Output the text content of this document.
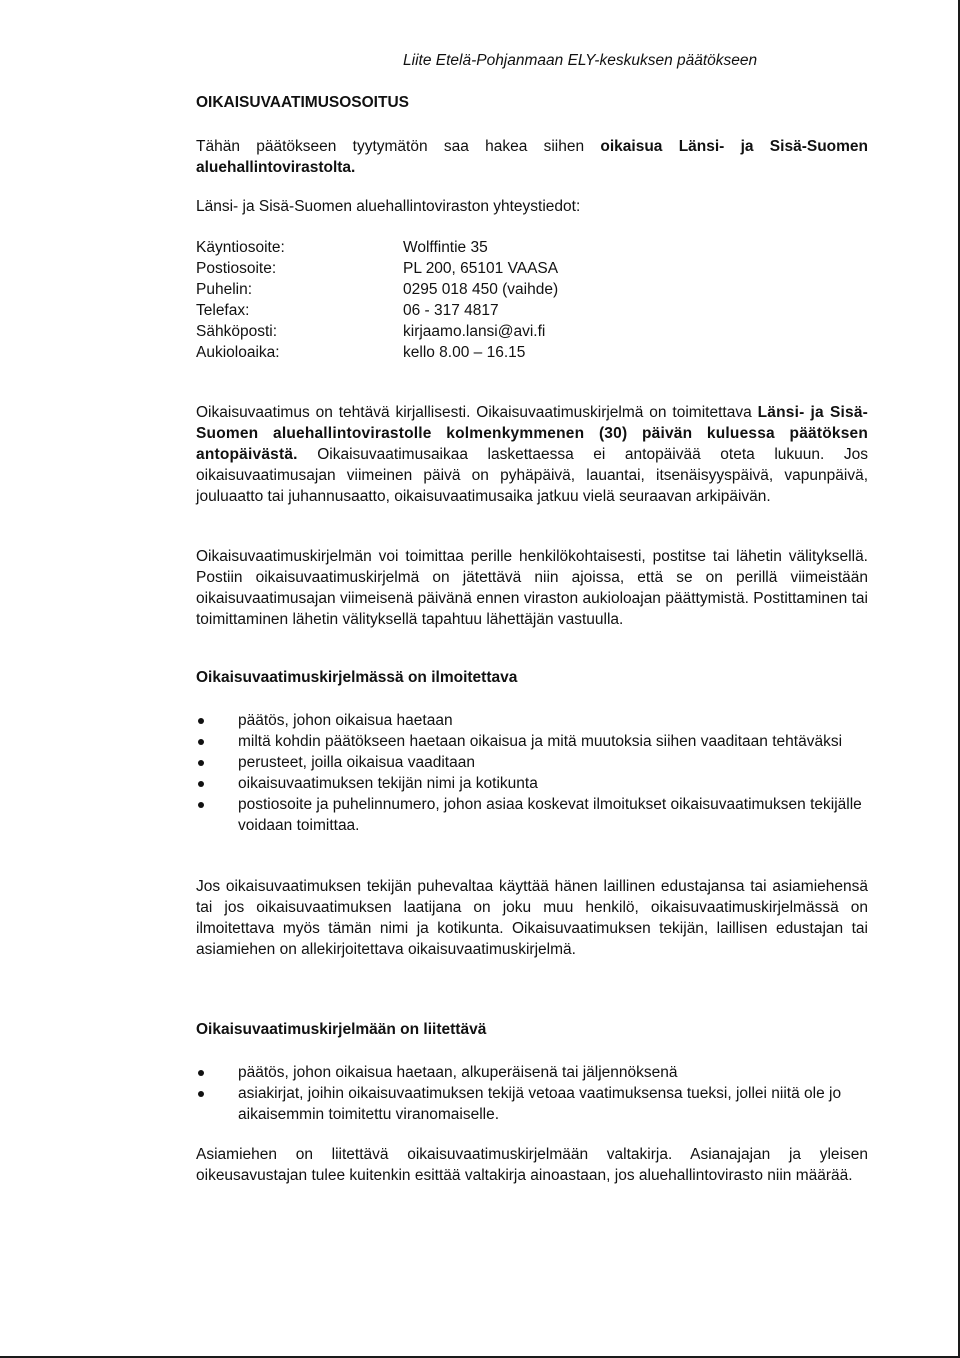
Liite Etelä-Pohjanmaan ELY-keskuksen päätökseen
OIKAISUVAATIMUSOSOITUS

Tähän päätökseen tyytymätön saa hakea siihen oikaisua Länsi- ja Sisä-Suomen aluehallintovirastolta.

Länsi- ja Sisä-Suomen aluehallintoviraston yhteystiedot:

Käyntiosoite:	Wolffintie 35
Postiosoite:	PL 200, 65101 VAASA
Puhelin:	0295 018 450 (vaihde)
Telefax:	06 - 317 4817
Sähköposti:	kirjaamo.lansi@avi.fi
Aukioloaika:	kello 8.00 – 16.15

Oikaisuvaatimus on tehtävä kirjallisesti. Oikaisuvaatimuskirjelmä on toimitettava Länsi- ja Sisä-Suomen aluehallintovirastolle kolmenkymmenen (30) päivän kuluessa päätöksen antopäivästä. Oikaisuvaatimusaikaa laskettaessa ei antopäivää oteta lukuun. Jos oikaisuvaatimusajan viimeinen päivä on pyhäpäivä, lauantai, itsenäisyyspäivä, vapunpäivä, jouluaatto tai juhannusaatto, oikaisuvaatimusaika jatkuu vielä seuraavan arkipäivän.

Oikaisuvaatimuskirjelmän voi toimittaa perille henkilökohtaisesti, postitse tai lähetin välityksellä. Postiin oikaisuvaatimuskirjelmä on jätettävä niin ajoissa, että se on perillä viimeistään oikaisuvaatimusajan viimeisenä päivänä ennen viraston aukioloajan päättymistä. Postittaminen tai toimittaminen lähetin välityksellä tapahtuu lähettäjän vastuulla.

Oikaisuvaatimuskirjelmässä on ilmoitettava
päätös, johon oikaisua haetaan
miltä kohdin päätökseen haetaan oikaisua ja mitä muutoksia siihen vaaditaan tehtäväksi
perusteet, joilla oikaisua vaaditaan
oikaisuvaatimuksen tekijän nimi ja kotikunta
postiosoite ja puhelinnumero, johon asiaa koskevat ilmoitukset oikaisuvaatimuksen tekijälle voidaan toimittaa.

Jos oikaisuvaatimuksen tekijän puhevaltaa käyttää hänen laillinen edustajansa tai asiamiehensä tai jos oikaisuvaatimuksen laatijana on joku muu henkilö, oikaisuvaatimuskirjelmässä on ilmoitettava myös tämän nimi ja kotikunta. Oikaisuvaatimuksen tekijän, laillisen edustajan tai asiamiehen on allekirjoitettava oikaisuvaatimuskirjelmä.

Oikaisuvaatimuskirjelmään on liitettävä
päätös, johon oikaisua haetaan, alkuperäisenä tai jäljennöksenä
asiakirjat, joihin oikaisuvaatimuksen tekijä vetoaa vaatimuksensa tueksi, jollei niitä ole jo aikaisemmin toimitettu viranomaiselle.

Asiamiehen on liitettävä oikaisuvaatimuskirjelmään valtakirja. Asianajajan ja yleisen oikeusavustajan tulee kuitenkin esittää valtakirja ainoastaan, jos aluehallintovirasto niin määrää.
